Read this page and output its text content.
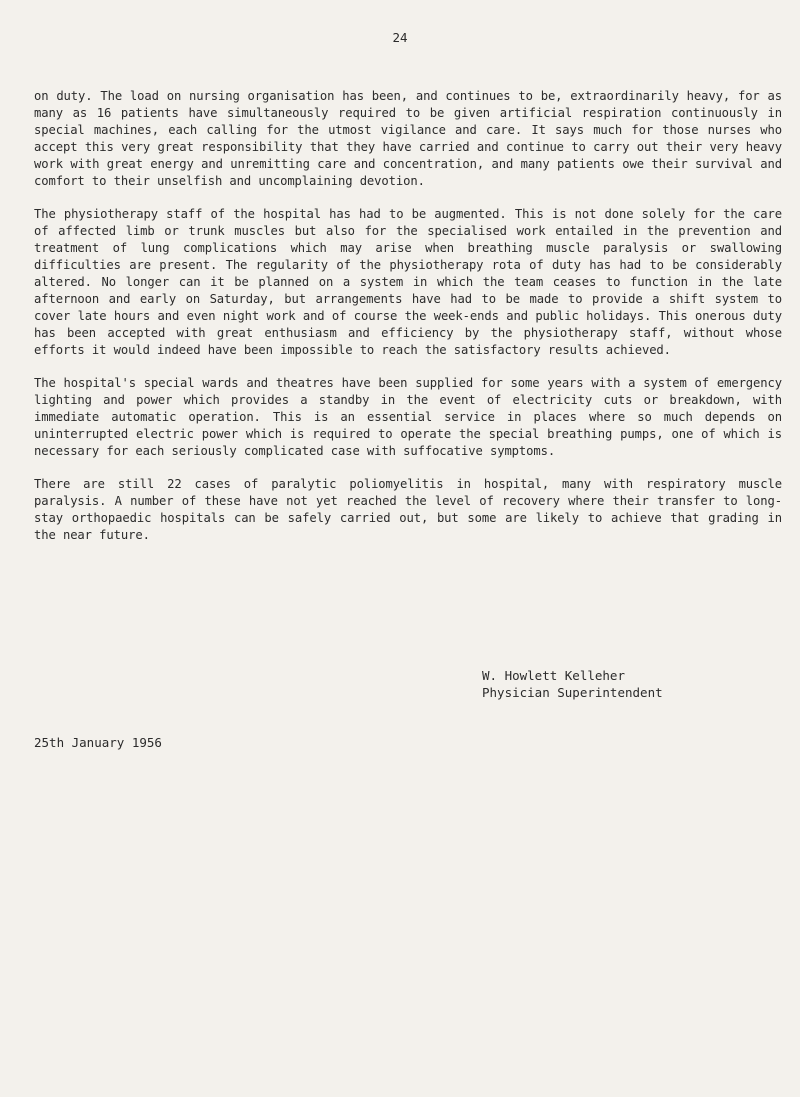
24

on duty. The load on nursing organisation has been, and continues to be, extraordinarily heavy, for as many as 16 patients have simultaneously required to be given artificial respiration continuously in special machines, each calling for the utmost vigilance and care. It says much for those nurses who accept this very great responsibility that they have carried and continue to carry out their very heavy work with great energy and unremitting care and concentration, and many patients owe their survival and comfort to their unselfish and uncomplaining devotion.

The physiotherapy staff of the hospital has had to be augmented. This is not done solely for the care of affected limb or trunk muscles but also for the specialised work entailed in the prevention and treatment of lung complications which may arise when breathing muscle paralysis or swallowing difficulties are present. The regularity of the physiotherapy rota of duty has had to be considerably altered. No longer can it be planned on a system in which the team ceases to function in the late afternoon and early on Saturday, but arrangements have had to be made to provide a shift system to cover late hours and even night work and of course the week-ends and public holidays. This onerous duty has been accepted with great enthusiasm and efficiency by the physiotherapy staff, without whose efforts it would indeed have been impossible to reach the satisfactory results achieved.

The hospital's special wards and theatres have been supplied for some years with a system of emergency lighting and power which provides a standby in the event of electricity cuts or breakdown, with immediate automatic operation. This is an essential service in places where so much depends on uninterrupted electric power which is required to operate the special breathing pumps, one of which is necessary for each seriously complicated case with suffocative symptoms.

There are still 22 cases of paralytic poliomyelitis in hospital, many with respiratory muscle paralysis. A number of these have not yet reached the level of recovery where their transfer to long-stay orthopaedic hospitals can be safely carried out, but some are likely to achieve that grading in the near future.

W. Howlett Kelleher
Physician Superintendent
25th January 1956
